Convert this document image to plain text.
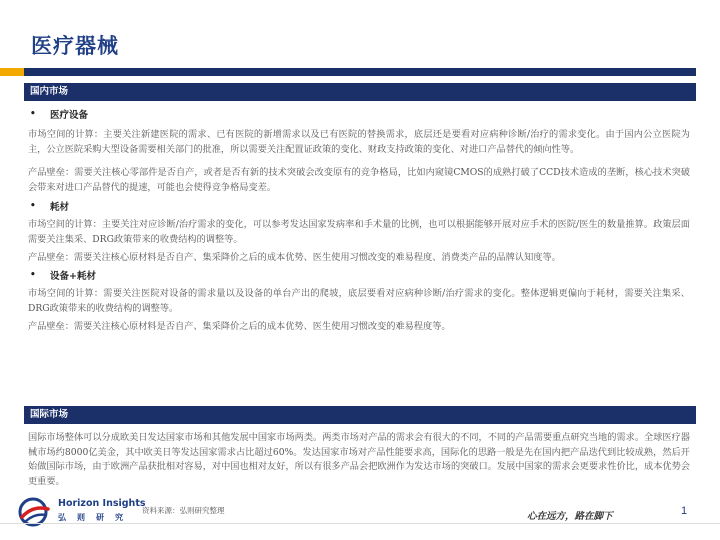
医疗器械
国内市场
•	医疗设备

市场空间的计算：主要关注新建医院的需求、已有医院的新增需求以及已有医院的替换需求，底层还是要看对应病种诊断/治疗的需求变化。由于国内公立医院为主，公立医院采购大型设备需要相关部门的批准，所以需要关注配置证政策的变化、财政支持政策的变化、对进口产品替代的倾向性等。

产品壁垒：需要关注核心零部件是否自产，或者是否有新的技术突破会改变原有的竞争格局，比如内窥镜CMOS的成熟打破了CCD技术造成的垄断，核心技术突破会带来对进口产品替代的提速，可能也会使得竞争格局变差。

•	耗材

市场空间的计算：主要关注对应诊断/治疗需求的变化，可以参考发达国家发病率和手术量的比例，也可以根据能够开展对应手术的医院/医生的数量推算。政策层面需要关注集采、DRG政策带来的收费结构的调整等。

产品壁垒：需要关注核心原材料是否自产、集采降价之后的成本优势、医生使用习惯改变的难易程度、消费类产品的品牌认知度等。

•	设备+耗材

市场空间的计算：需要关注医院对设备的需求量以及设备的单台产出的爬坡，底层要看对应病种诊断/治疗需求的变化。整体逻辑更偏向于耗材，需要关注集采、DRG政策带来的收费结构的调整等。

产品壁垒：需要关注核心原材料是否自产、集采降价之后的成本优势、医生使用习惯改变的难易程度等。

国际市场

国际市场整体可以分成欧美日发达国家市场和其他发展中国家市场两类。两类市场对产品的需求会有很大的不同，不同的产品需要重点研究当地的需求。全球医疗器械市场约8000亿美金，其中欧美日等发达国家需求占比超过60%。发达国家市场对产品性能要求高，国际化的思路一般是先在国内把产品迭代到比较成熟，然后开始做国际市场，由于欧洲产品获批相对容易，对中国也相对友好，所以有很多产品会把欧洲作为发达市场的突破口。发展中国家的需求会更要求性价比，成本优势会更重要。

Horizon Insights
弘则研究
资料来源：弘则研究整理
心在远方，路在脚下	1
